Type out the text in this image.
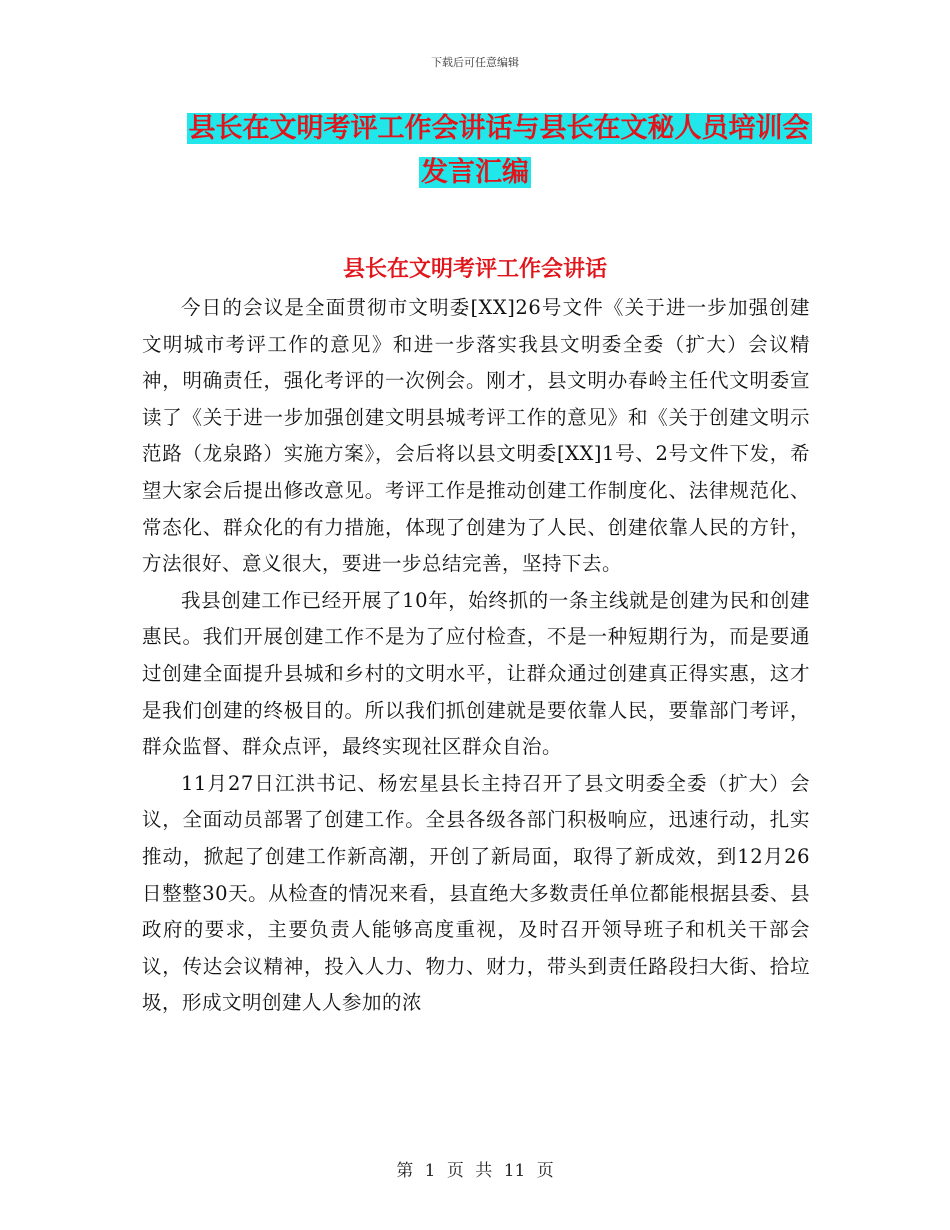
下载后可任意编辑
县长在文明考评工作会讲话与县长在文秘人员培训会
发言汇编
县长在文明考评工作会讲话

今日的会议是全面贯彻市文明委[XX]26号文件《关于进一步加强创建文明城市考评工作的意见》和进一步落实我县文明委全委（扩大）会议精神，明确责任，强化考评的一次例会。刚才，县文明办春岭主任代文明委宣读了《关于进一步加强创建文明县城考评工作的意见》和《关于创建文明示范路（龙泉路）实施方案》，会后将以县文明委[XX]1号、2号文件下发，希望大家会后提出修改意见。考评工作是推动创建工作制度化、法律规范化、常态化、群众化的有力措施，体现了创建为了人民、创建依靠人民的方针，方法很好、意义很大，要进一步总结完善，坚持下去。

我县创建工作已经开展了10年，始终抓的一条主线就是创建为民和创建惠民。我们开展创建工作不是为了应付检查，不是一种短期行为，而是要通过创建全面提升县城和乡村的文明水平，让群众通过创建真正得实惠，这才是我们创建的终极目的。所以我们抓创建就是要依靠人民，要靠部门考评，群众监督、群众点评，最终实现社区群众自治。

11月27日江洪书记、杨宏星县长主持召开了县文明委全委（扩大）会议，全面动员部署了创建工作。全县各级各部门积极响应，迅速行动，扎实推动，掀起了创建工作新高潮，开创了新局面，取得了新成效，到12月26日整整30天。从检查的情况来看，县直绝大多数责任单位都能根据县委、县政府的要求，主要负责人能够高度重视，及时召开领导班子和机关干部会议，传达会议精神，投入人力、物力、财力，带头到责任路段扫大街、拾垃圾，形成文明创建人人参加的浓

第 1 页 共 11 页
